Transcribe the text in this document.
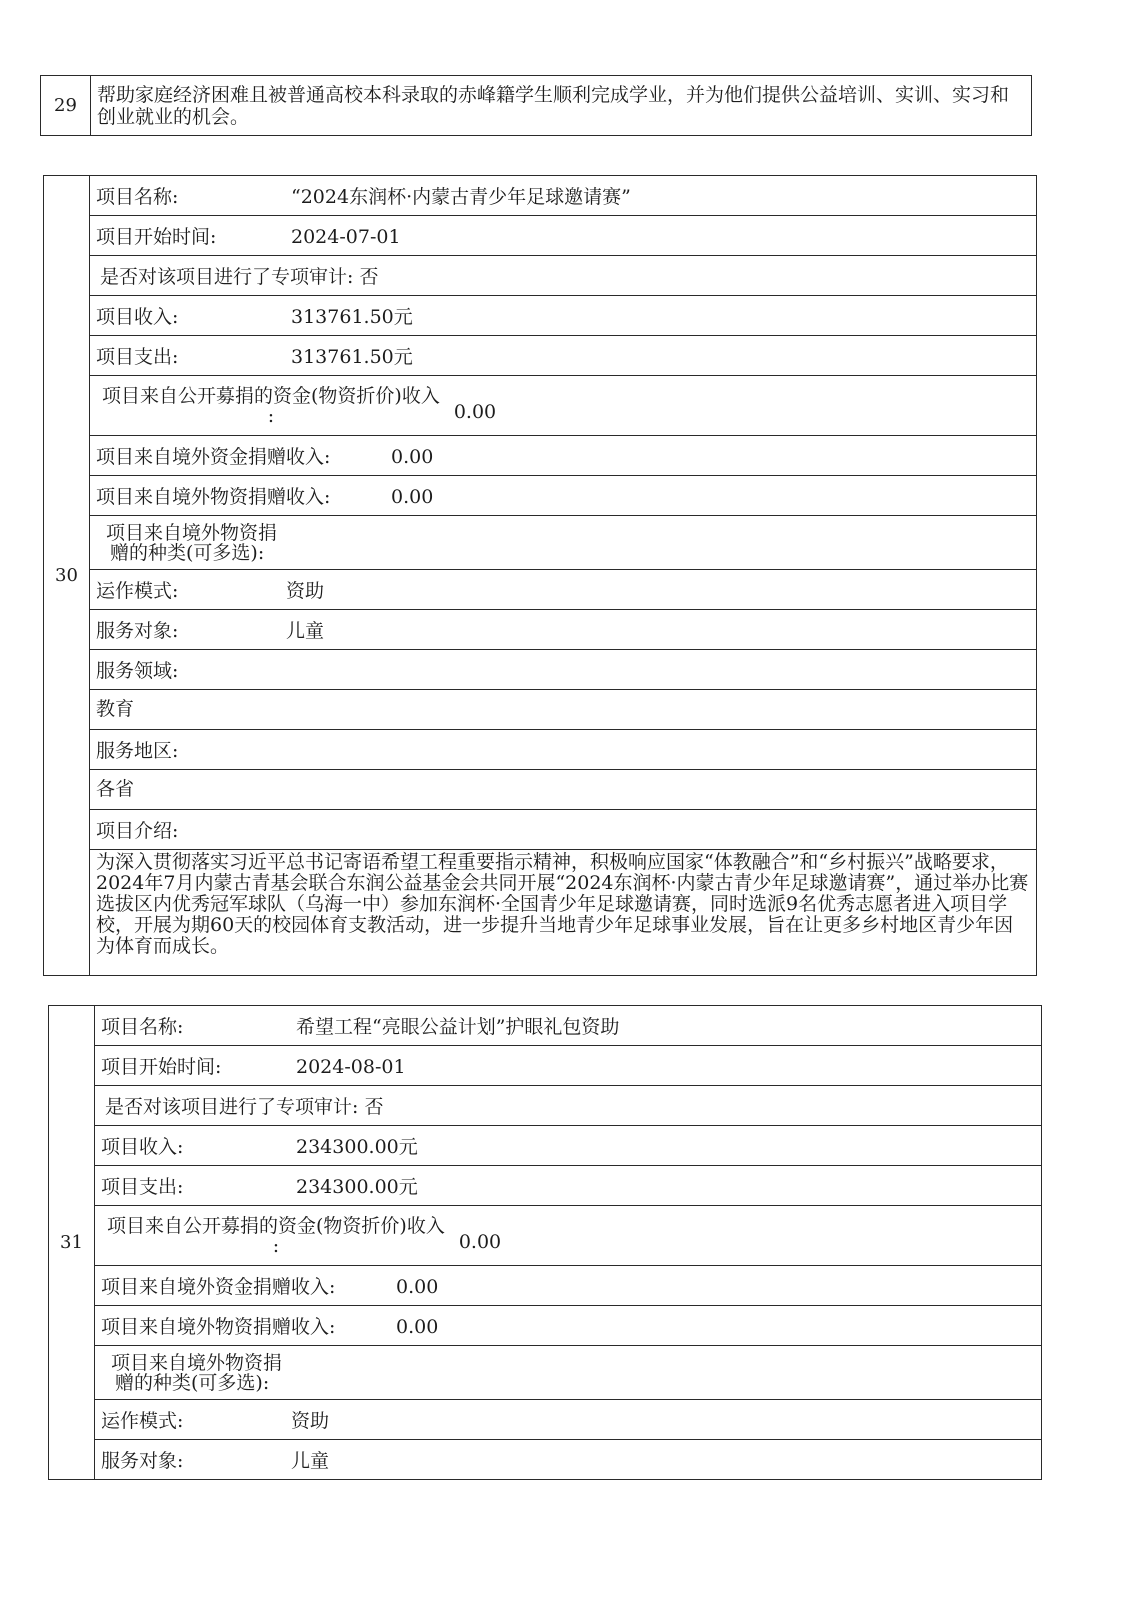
29	帮助家庭经济困难且被普通高校本科录取的赤峰籍学生顺利完成学业，并为他们提供公益培训、实训、实习和创业就业的机会。
30	项目名称:	“2024东润杯·内蒙古青少年足球邀请赛”
项目开始时间:	2024-07-01
是否对该项目进行了专项审计: 否
项目收入:	313761.50元
项目支出:	313761.50元

项目来自公开募捐的资金(物资折价)收入
:	0.00

项目来自境外资金捐赠收入:	0.00
项目来自境外物资捐赠收入:	0.00

项目来自境外物资捐
赠的种类(可多选):

运作模式:	资助
服务对象:	儿童
服务领域:
教育
服务地区:
各省
项目介绍:
为深入贯彻落实习近平总书记寄语希望工程重要指示精神，积极响应国家“体教融合”和“乡村振兴”战略要求，2024年7月内蒙古青基会联合东润公益基金会共同开展“2024东润杯·内蒙古青少年足球邀请赛”，通过举办比赛选拔区内优秀冠军球队（乌海一中）参加东润杯·全国青少年足球邀请赛，同时选派9名优秀志愿者进入项目学校，开展为期60天的校园体育支教活动，进一步提升当地青少年足球事业发展，旨在让更多乡村地区青少年因为体育而成长。
31	项目名称:	希望工程“亮眼公益计划”护眼礼包资助
项目开始时间:	2024-08-01
是否对该项目进行了专项审计: 否
项目收入:	234300.00元
项目支出:	234300.00元

项目来自公开募捐的资金(物资折价)收入
:	0.00

项目来自境外资金捐赠收入:	0.00
项目来自境外物资捐赠收入:	0.00

项目来自境外物资捐
赠的种类(可多选):

运作模式:	资助
服务对象:	儿童
